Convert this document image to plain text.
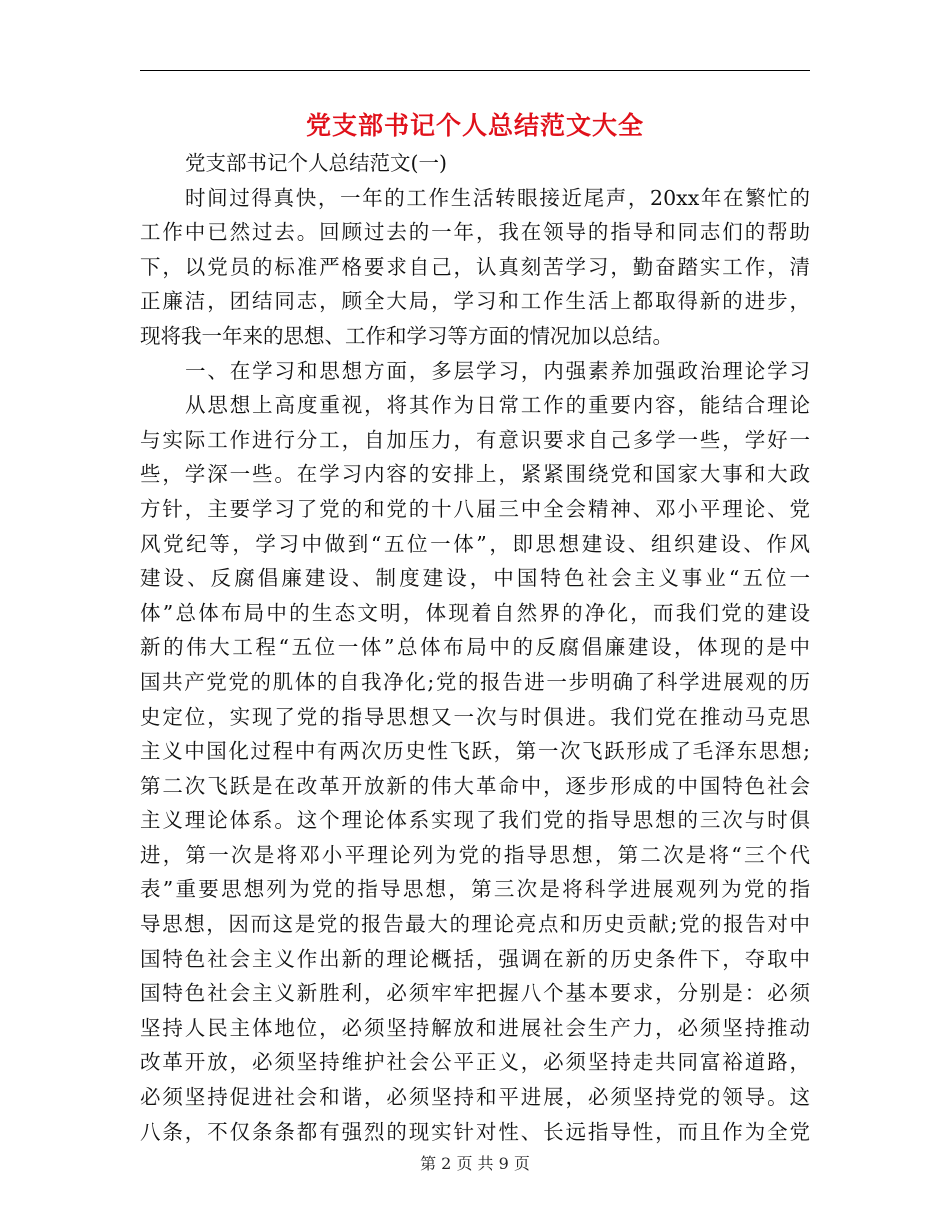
党支部书记个人总结范文大全
党支部书记个人总结范文(一)
时间过得真快，一年的工作生活转眼接近尾声，20xx年在繁忙的
工作中已然过去。回顾过去的一年，我在领导的指导和同志们的帮助
下，以党员的标准严格要求自己，认真刻苦学习，勤奋踏实工作，清
正廉洁，团结同志，顾全大局，学习和工作生活上都取得新的进步，
现将我一年来的思想、工作和学习等方面的情况加以总结。
一、在学习和思想方面，多层学习，内强素养加强政治理论学习
从思想上高度重视，将其作为日常工作的重要内容，能结合理论
与实际工作进行分工，自加压力，有意识要求自己多学一些，学好一
些，学深一些。在学习内容的安排上，紧紧围绕党和国家大事和大政
方针，主要学习了党的和党的十八届三中全会精神、邓小平理论、党
风党纪等，学习中做到“五位一体”，即思想建设、组织建设、作风
建设、反腐倡廉建设、制度建设，中国特色社会主义事业“五位一
体”总体布局中的生态文明，体现着自然界的净化，而我们党的建设
新的伟大工程“五位一体”总体布局中的反腐倡廉建设，体现的是中
国共产党党的肌体的自我净化;党的报告进一步明确了科学进展观的历
史定位，实现了党的指导思想又一次与时俱进。我们党在推动马克思
主义中国化过程中有两次历史性飞跃，第一次飞跃形成了毛泽东思想;
第二次飞跃是在改革开放新的伟大革命中，逐步形成的中国特色社会
主义理论体系。这个理论体系实现了我们党的指导思想的三次与时俱
进，第一次是将邓小平理论列为党的指导思想，第二次是将“三个代
表”重要思想列为党的指导思想，第三次是将科学进展观列为党的指
导思想，因而这是党的报告最大的理论亮点和历史贡献;党的报告对中
国特色社会主义作出新的理论概括，强调在新的历史条件下，夺取中
国特色社会主义新胜利，必须牢牢把握八个基本要求，分别是：必须
坚持人民主体地位，必须坚持解放和进展社会生产力，必须坚持推动
改革开放，必须坚持维护社会公平正义，必须坚持走共同富裕道路，
必须坚持促进社会和谐，必须坚持和平进展，必须坚持党的领导。这
八条，不仅条条都有强烈的现实针对性、长远指导性，而且作为全党
第 2 页 共 9 页
